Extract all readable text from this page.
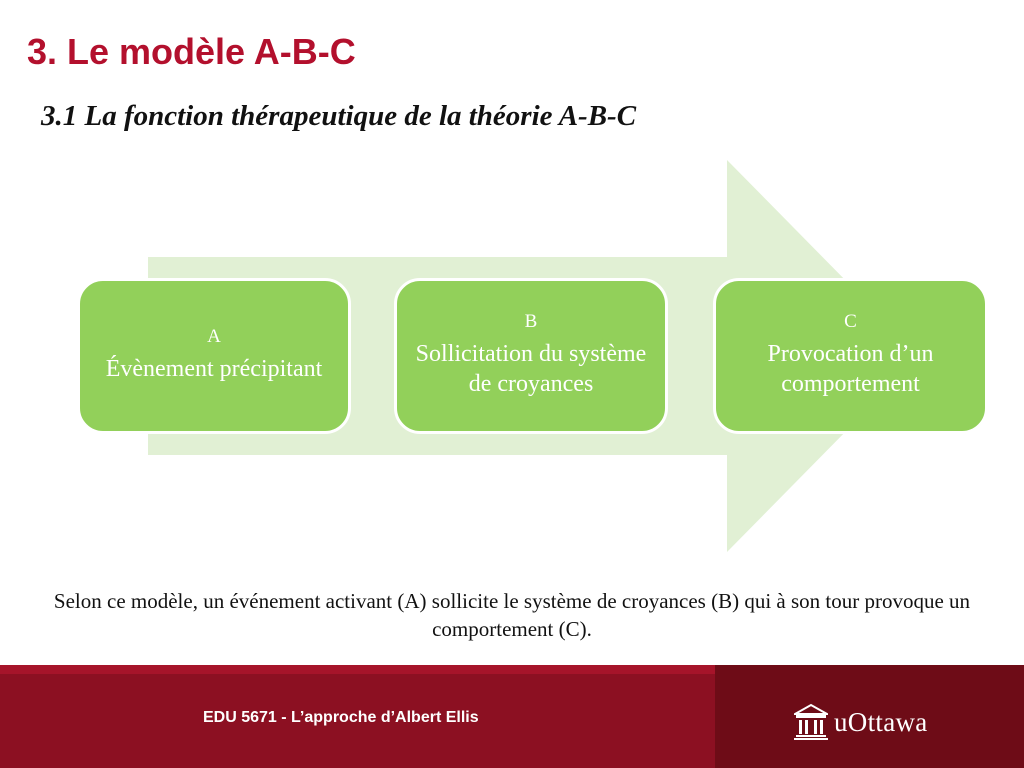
3. Le modèle A-B-C
3.1 La fonction thérapeutique de la théorie A-B-C
A
Évènement précipitant
B
Sollicitation du système de croyances
C
Provocation d’un comportement
Selon ce modèle, un événement activant (A) sollicite le système de croyances (B) qui à son tour provoque un comportement (C).
EDU 5671 - L’approche d’Albert Ellis	uOttawa
